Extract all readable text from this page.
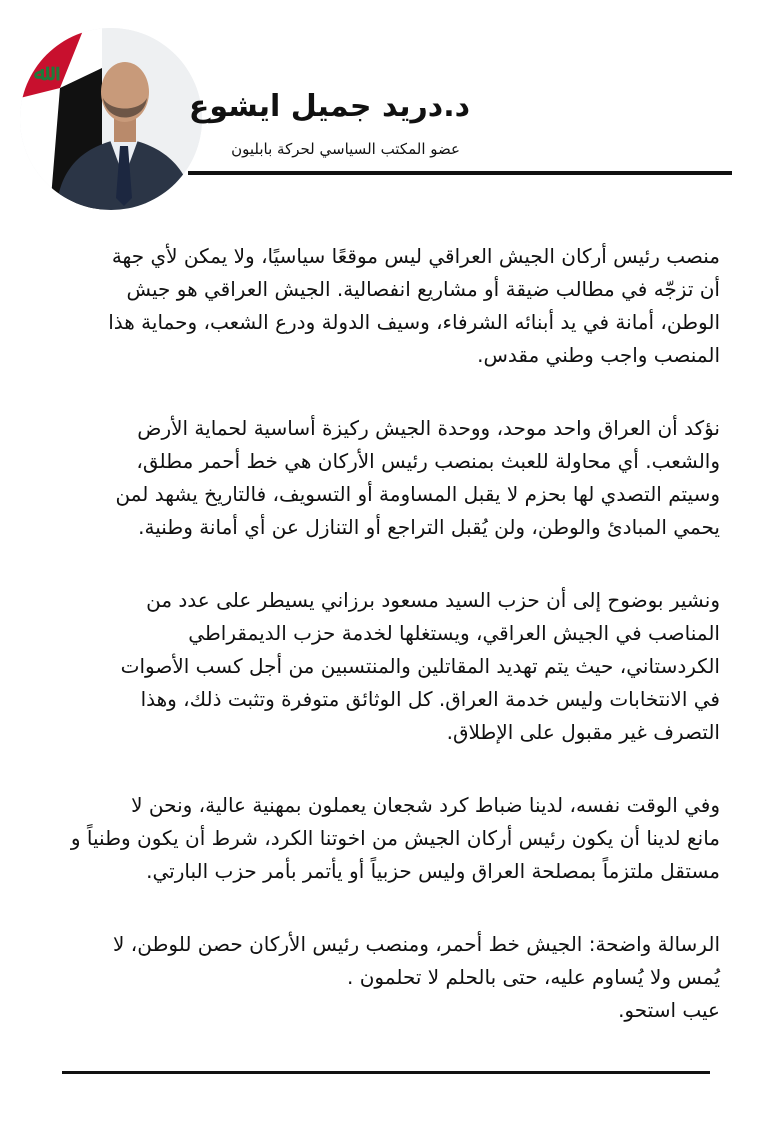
ﷲ
د.دريد جميل ايشوع
عضو المكتب السياسي لحركة بابليون

منصب رئيس أركان الجيش العراقي ليس موقعًا سياسيًا، ولا يمكن لأي جهة
أن تزجّه في مطالب ضيقة أو مشاريع انفصالية. الجيش العراقي هو جيش
الوطن، أمانة في يد أبنائه الشرفاء، وسيف الدولة ودرع الشعب، وحماية هذا
المنصب واجب وطني مقدس.

نؤكد أن العراق واحد موحد، ووحدة الجيش ركيزة أساسية لحماية الأرض
والشعب. أي محاولة للعبث بمنصب رئيس الأركان هي خط أحمر مطلق،
وسيتم التصدي لها بحزم لا يقبل المساومة أو التسويف، فالتاريخ يشهد لمن
يحمي المبادئ والوطن، ولن يُقبل التراجع أو التنازل عن أي أمانة وطنية.

ونشير بوضوح إلى أن حزب السيد مسعود برزاني يسيطر على عدد من
المناصب في الجيش العراقي، ويستغلها لخدمة حزب الديمقراطي
الكردستاني، حيث يتم تهديد المقاتلين والمنتسبين من أجل كسب الأصوات
في الانتخابات وليس خدمة العراق. كل الوثائق متوفرة وتثبت ذلك، وهذا
التصرف غير مقبول على الإطلاق.

وفي الوقت نفسه، لدينا ضباط كرد شجعان يعملون بمهنية عالية، ونحن لا
مانع لدينا أن يكون رئيس أركان الجيش من اخوتنا الكرد، شرط أن يكون وطنياً و
مستقل ملتزماً بمصلحة العراق وليس حزبياً أو يأتمر بأمر حزب البارتي.

الرسالة واضحة: الجيش خط أحمر، ومنصب رئيس الأركان حصن للوطن، لا
يُمس ولا يُساوم عليه، حتى بالحلم لا تحلمون .
عيب استحو.
